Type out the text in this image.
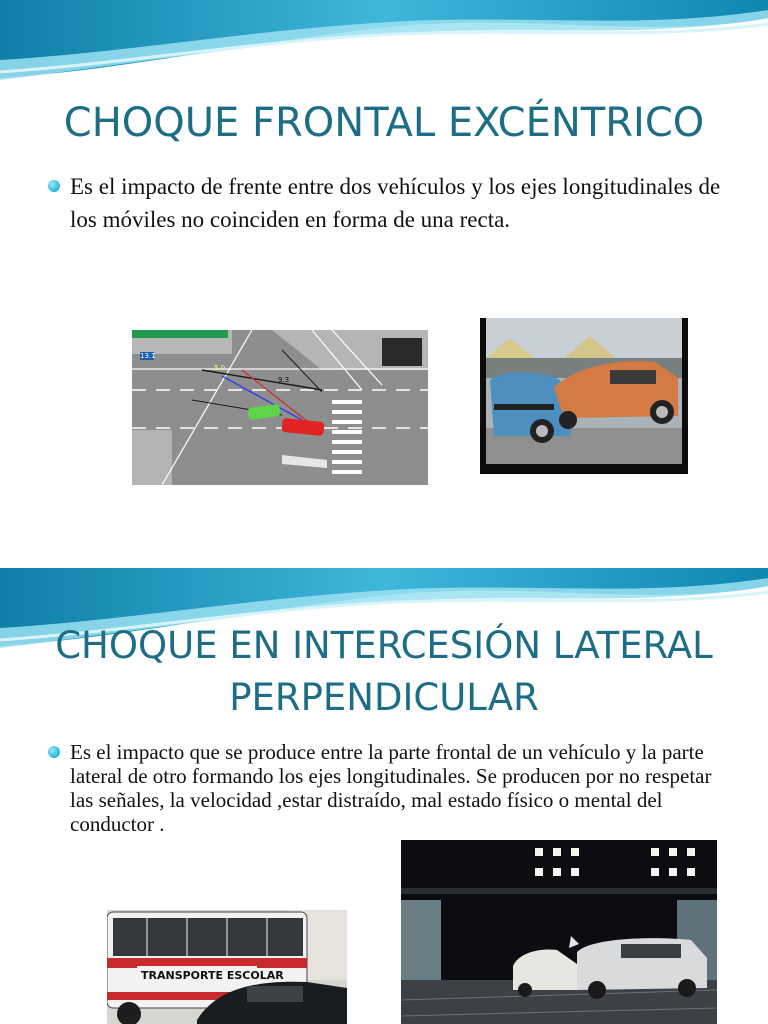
CHOQUE FRONTAL EXCÉNTRICO
Es el impacto de frente entre dos vehículos y los ejes longitudinales de los móviles no coinciden en forma de una recta.
13.1
5.0
9.3
CHOQUE EN INTERCESIÓN LATERAL
PERPENDICULAR
Es el impacto que se produce entre la parte frontal de un vehículo y la parte lateral de otro formando los ejes longitudinales. Se producen por no respetar las señales, la velocidad ,estar distraído, mal estado físico o mental del conductor .
TRANSPORTE ESCOLAR
